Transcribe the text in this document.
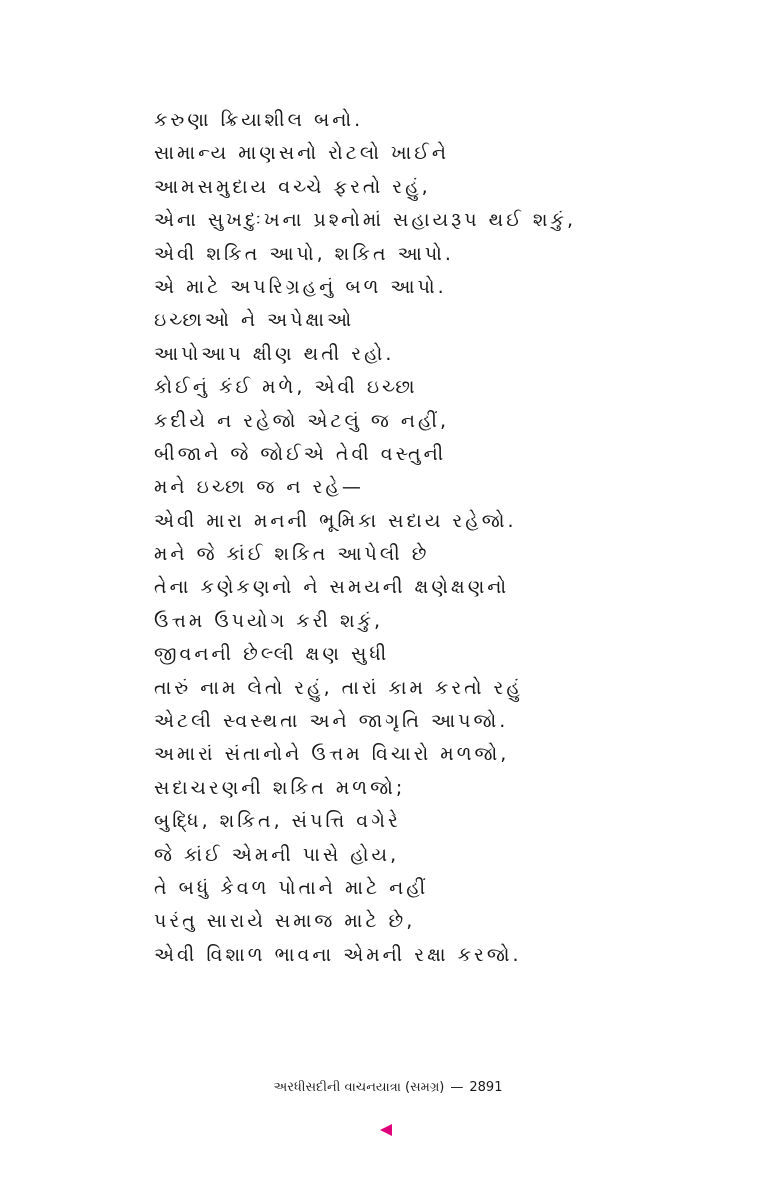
કરુણા ક્રિયાશીલ બનો.
સામાન્ય માણસનો રોટલો ખાઈને
આમસમુદાય વચ્ચે ફરતો રહું,
એના સુખદુઃખના પ્રશ્નોમાં સહાયરૂપ થઈ શકું,
એવી શકિત આપો, શકિત આપો.
એ માટે અપરિગ્રહનું બળ આપો.
ઇચ્છાઓ ને અપેક્ષાઓ
આપોઆપ ક્ષીણ થતી રહો.
કોઈનું કંઈ મળે, એવી ઇચ્છા
કદીયે ન રહેજો એટલું જ નહીં,
બીજાને જે જોઈએ તેવી વસ્તુની
મને ઇચ્છા જ ન રહે—
એવી મારા મનની ભૂમિકા સદાય રહેજો.
મને જે કાંઈ શકિત આપેલી છે
તેના કણેકણનો ને સમયની ક્ષણેક્ષણનો
ઉત્તમ ઉપયોગ કરી શકું,
જીવનની છેલ્લી ક્ષણ સુધી
તારું નામ લેતો રહું, તારાં કામ કરતો રહું
એટલી સ્વસ્થતા અને જાગૃતિ આપજો.
અમારાં સંતાનોને ઉત્તમ વિચારો મળજો,
સદાચરણની શકિત મળજો;
બુદ્ધિ, શકિત, સંપત્તિ વગેરે
જે કાંઈ એમની પાસે હોય,
તે બધું કેવળ પોતાને માટે નહીં
પરંતુ સારાયે સમાજ માટે છે,
એવી વિશાળ ભાવના એમની રક્ષા કરજો.
અરધીસદીની વાચનયાત્રા (સમગ્ર) — 2891
